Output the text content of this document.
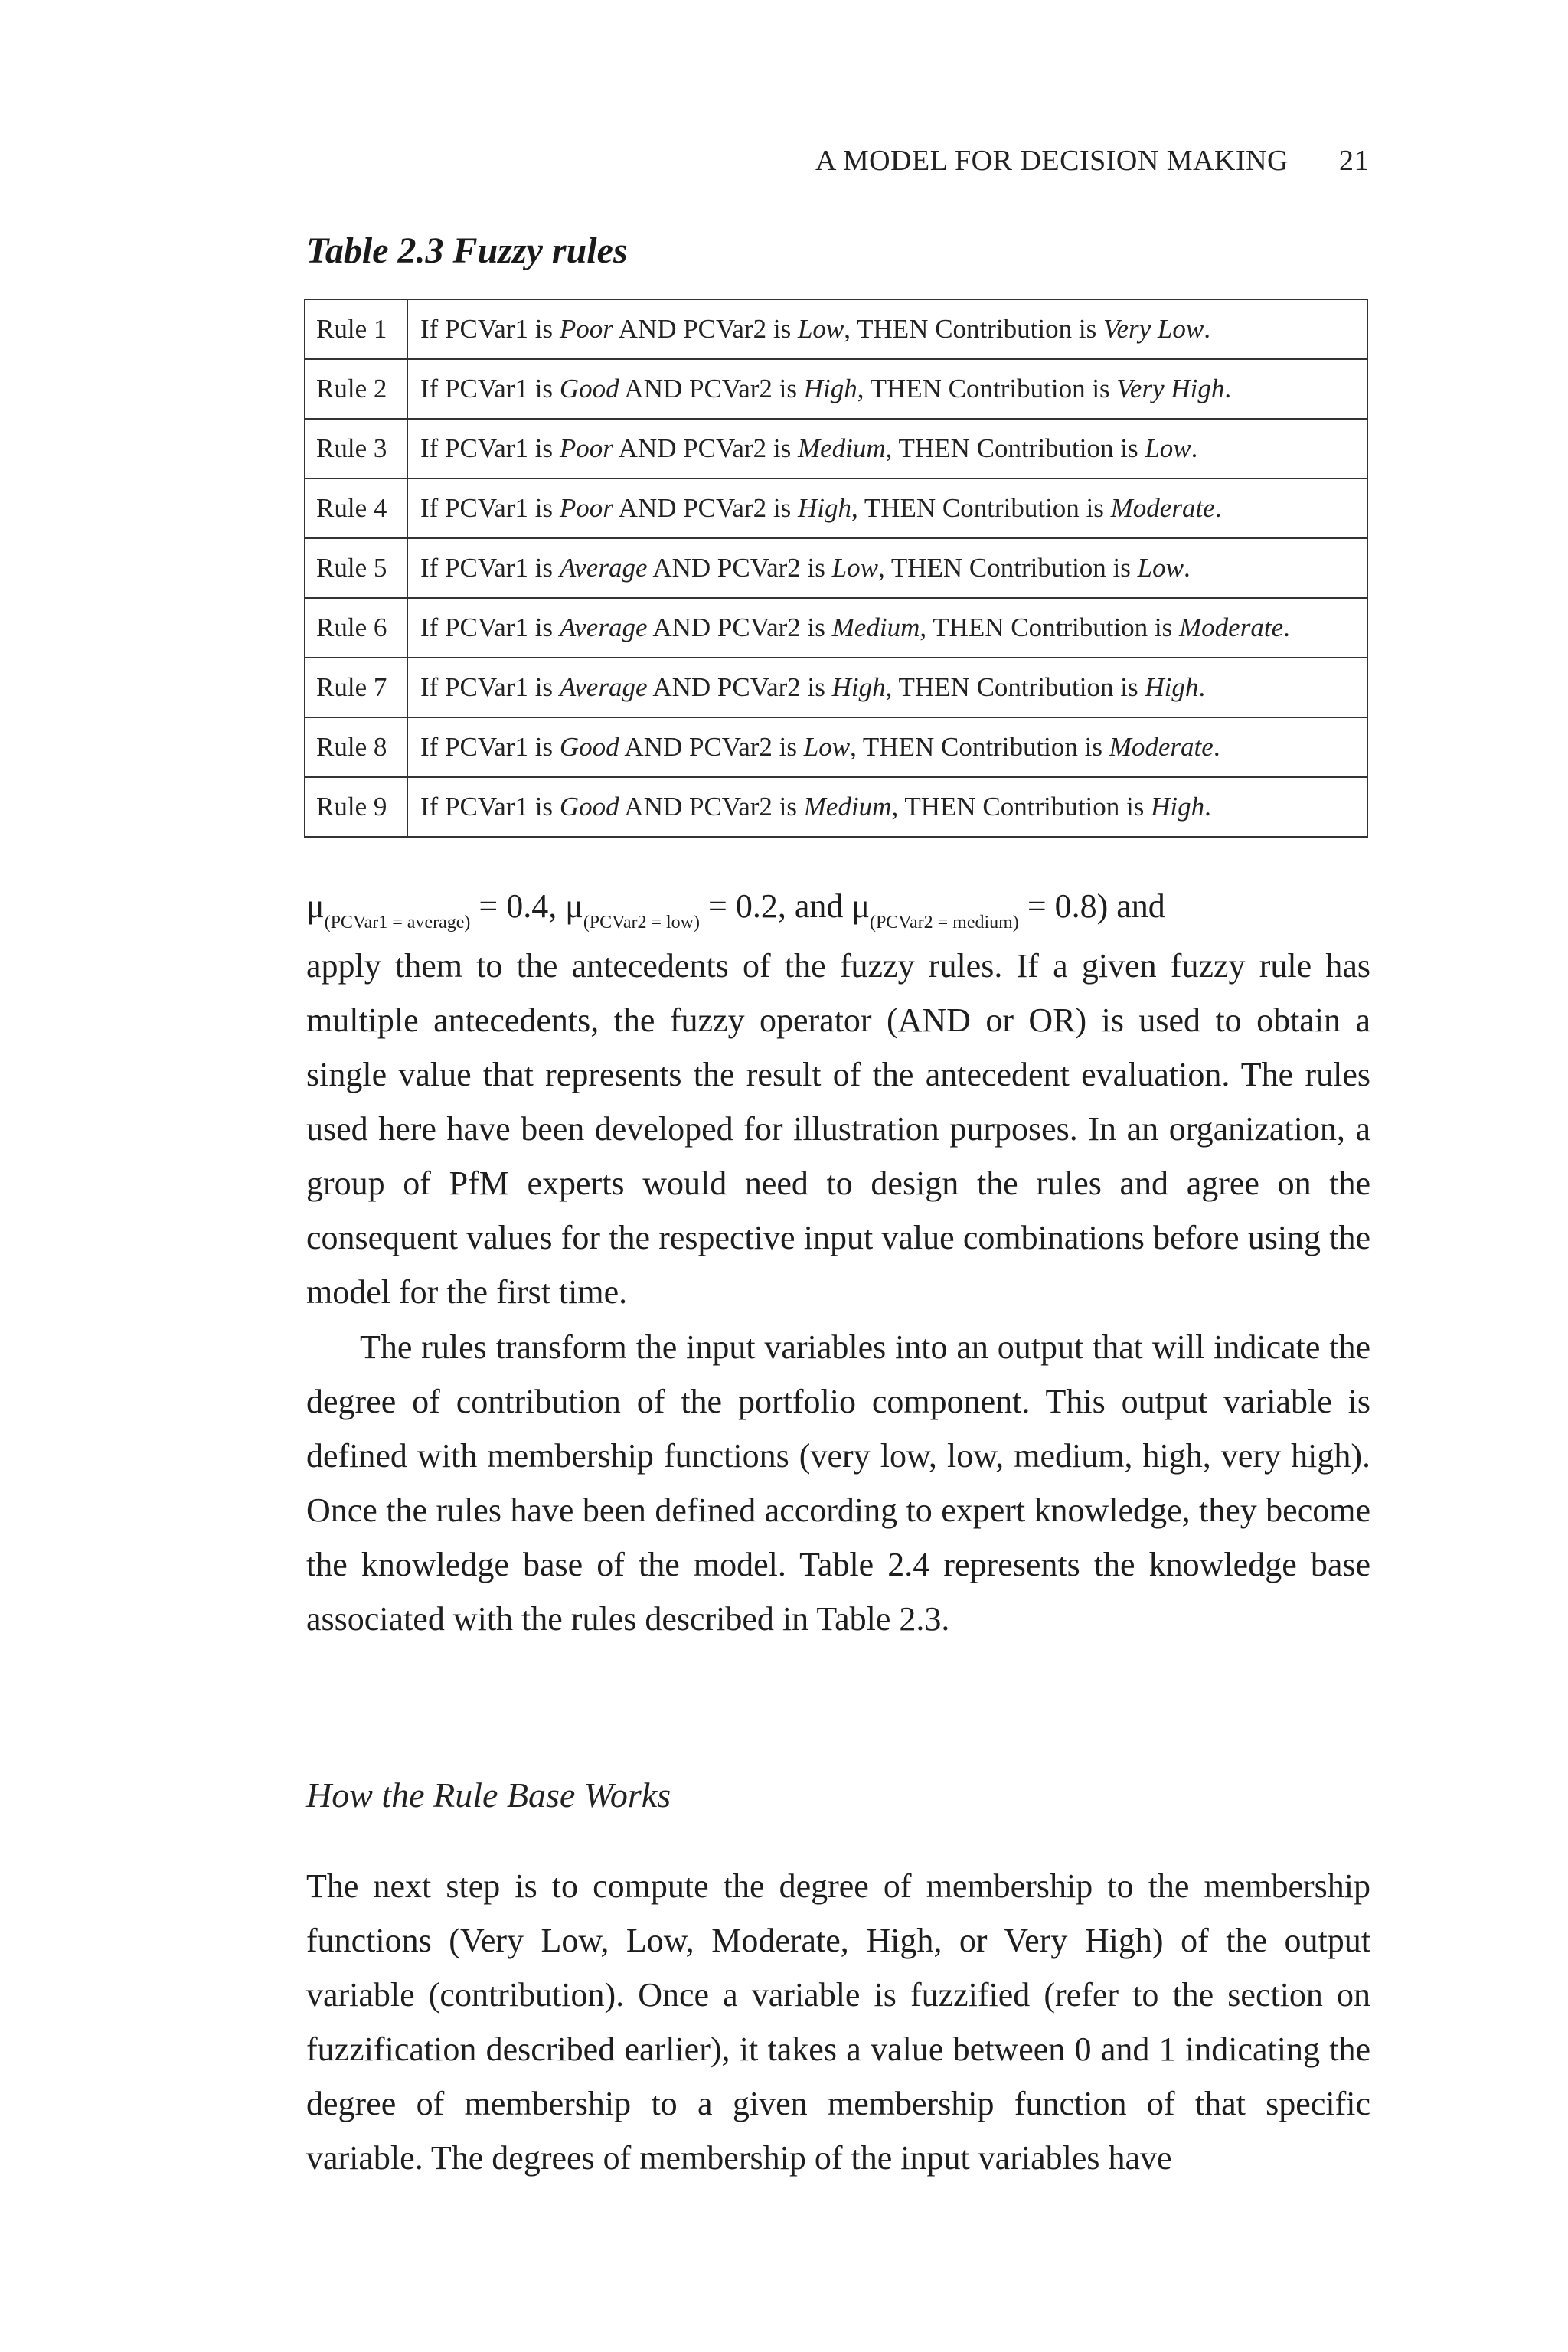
A MODEL FOR DECISION MAKING 21
Table 2.3 Fuzzy rules
Rule 1	If PCVar1 is Poor AND PCVar2 is Low, THEN Contribution is Very Low.
Rule 2	If PCVar1 is Good AND PCVar2 is High, THEN Contribution is Very High.
Rule 3	If PCVar1 is Poor AND PCVar2 is Medium, THEN Contribution is Low.
Rule 4	If PCVar1 is Poor AND PCVar2 is High, THEN Contribution is Moderate.
Rule 5	If PCVar1 is Average AND PCVar2 is Low, THEN Contribution is Low.
Rule 6	If PCVar1 is Average AND PCVar2 is Medium, THEN Contribution is Moderate.
Rule 7	If PCVar1 is Average AND PCVar2 is High, THEN Contribution is High.
Rule 8	If PCVar1 is Good AND PCVar2 is Low, THEN Contribution is Moderate.
Rule 9	If PCVar1 is Good AND PCVar2 is Medium, THEN Contribution is High.
$\mu_{(PCVar1 = average)} = 0.4$, $\mu_{(PCVar2 = low)} = 0.2$, and $\mu_{(PCVar2 = medium)} = 0.8$) and

apply them to the antecedents of the fuzzy rules. If a given fuzzy rule has multiple antecedents, the fuzzy operator (AND or OR) is used to obtain a single value that represents the result of the antecedent evaluation. The rules used here have been developed for illustration purposes. In an organization, a group of PfM experts would need to design the rules and agree on the consequent values for the respective input value combinations before using the model for the first time.

The rules transform the input variables into an output that will indicate the degree of contribution of the portfolio component. This output variable is defined with membership functions (very low, low, medium, high, very high). Once the rules have been defined according to expert knowledge, they become the knowledge base of the model. Table 2.4 represents the knowledge base associated with the rules described in Table 2.3.

How the Rule Base Works

The next step is to compute the degree of membership to the membership functions (Very Low, Low, Moderate, High, or Very High) of the output variable (contribution). Once a variable is fuzzified (refer to the section on fuzzification described earlier), it takes a value between 0 and 1 indicating the degree of membership to a given membership function of that specific variable. The degrees of membership of the input variables have
